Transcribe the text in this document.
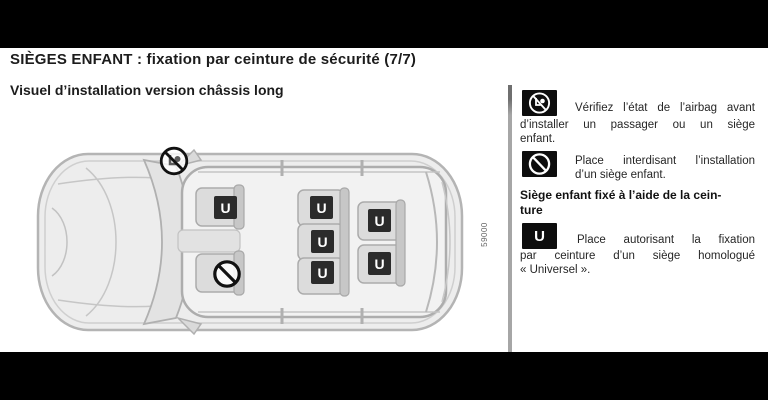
SIÈGES ENFANT : fixation par ceinture de sécurité (7/7)
Visuel d’installation version châssis long
U	U
U
U
U
U
59000
Vérifiez l’état de l’airbag avant
d’installer un passager ou un siège
enfant.
Place interdisant l’installation
d’un siège enfant.
Siège enfant fixé à l’aide de la cein-
ture
U	Place autorisant la fixation
par ceinture d’un siège homologué
« Universel ».
